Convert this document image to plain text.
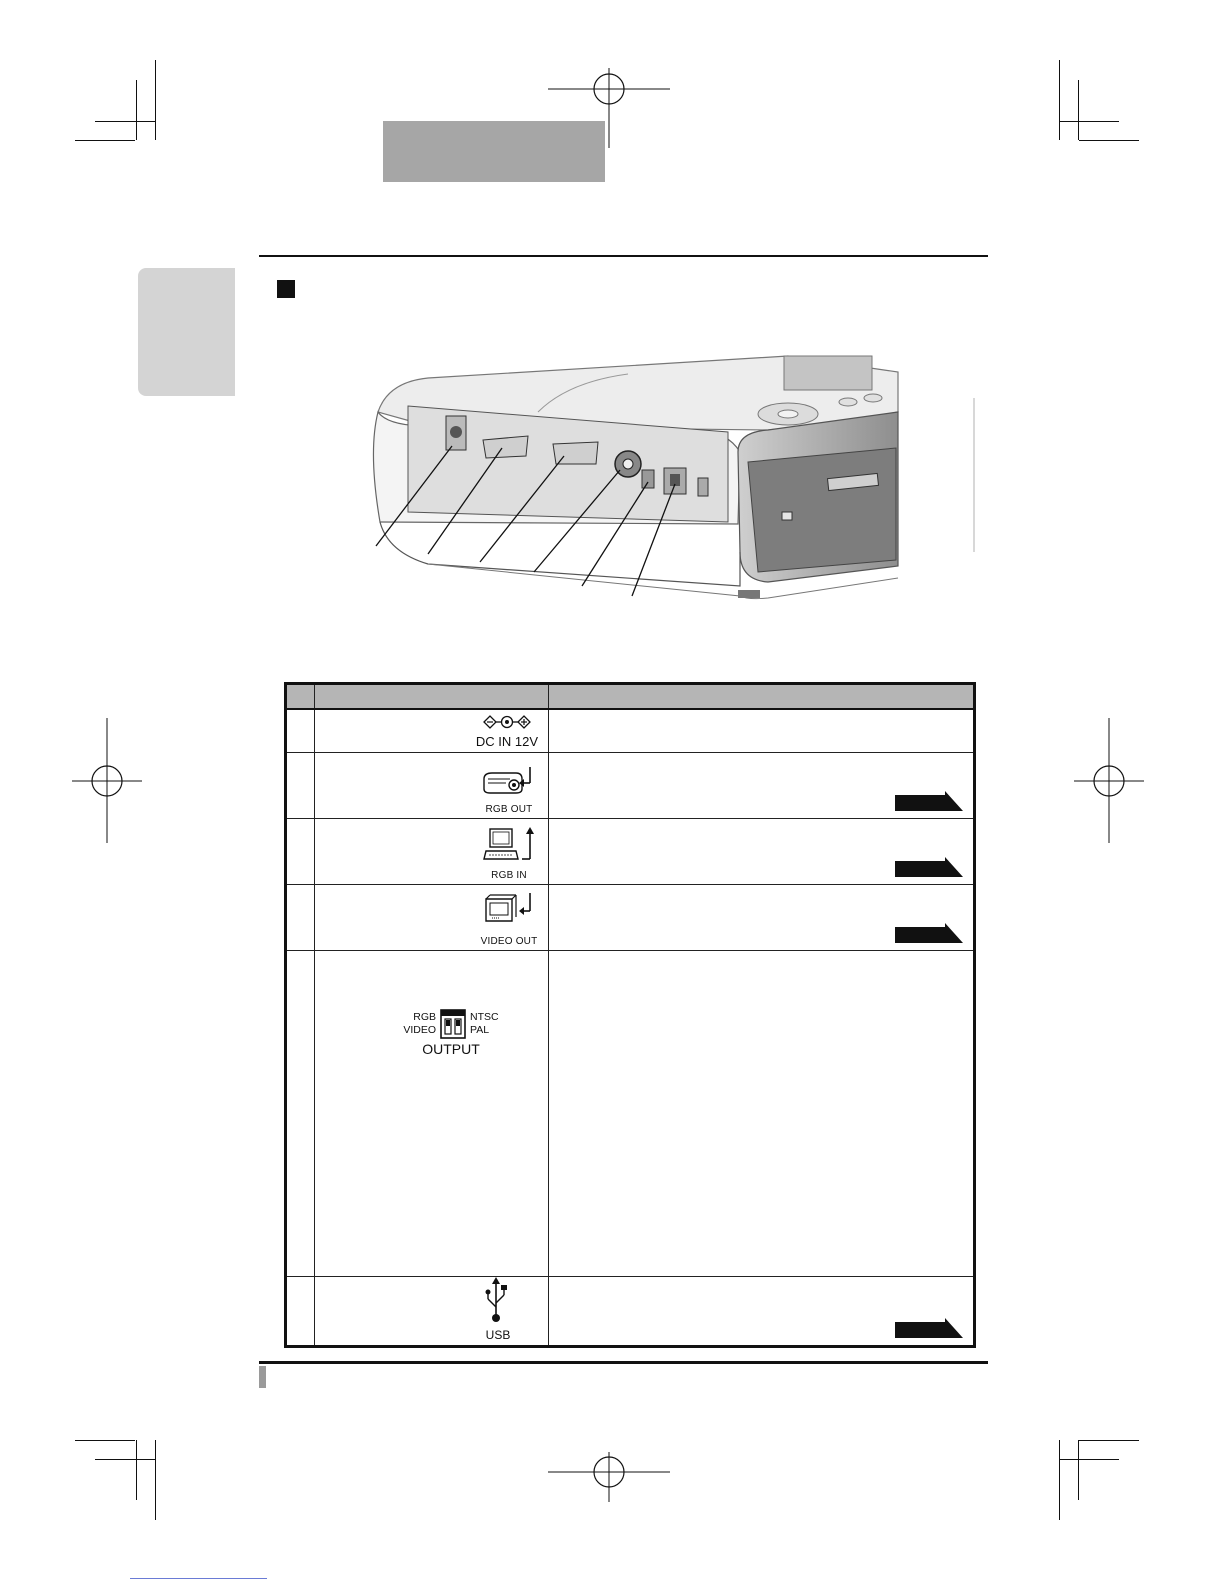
	DC IN 12V	

	RGB OUT

	RGB IN

	VIDEO OUT

	RGB
VIDEO
NTSC
PAL
OUTPUT	

	USB
